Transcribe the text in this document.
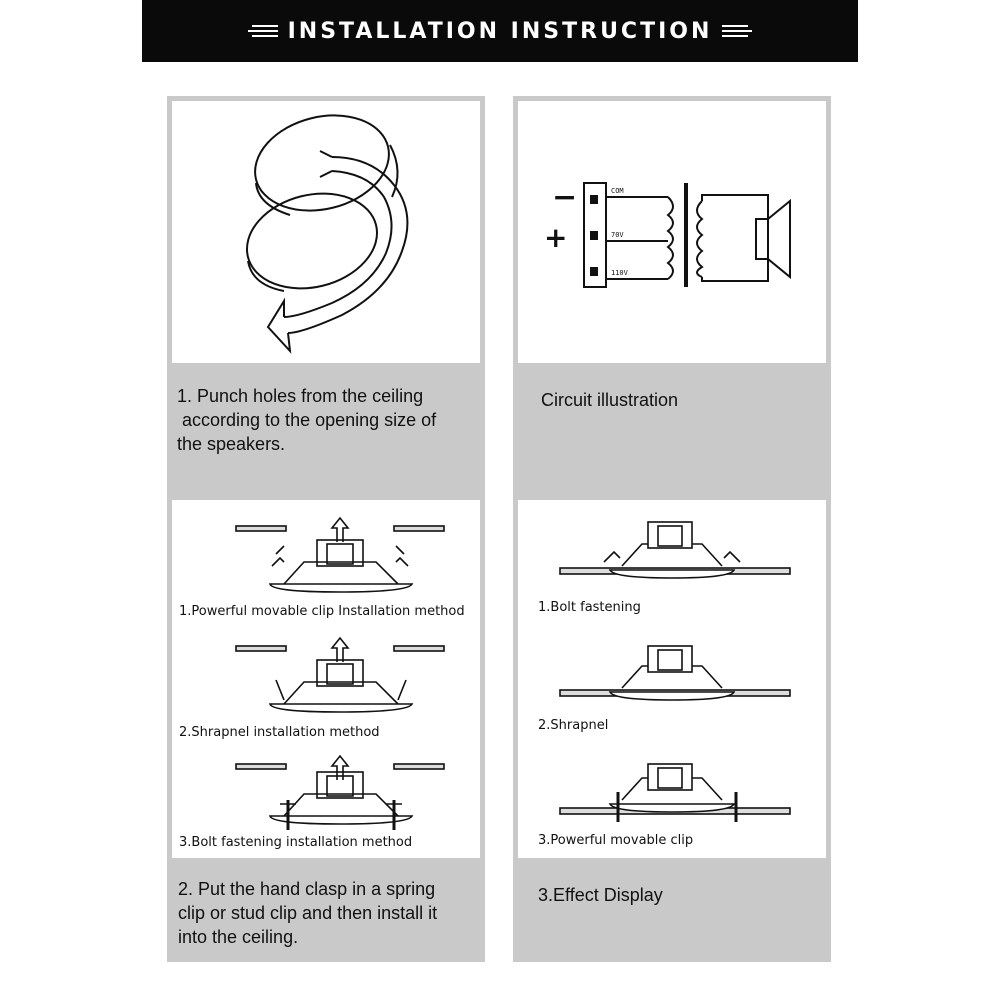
INSTALLATION INSTRUCTION
1. Punch holes from the ceiling
according to the opening size of
the speakers.
−
+
COM
70V
110V
Circuit illustration
1.Powerful movable clip Installation method
2.Shrapnel installation method
3.Bolt fastening installation method
2. Put the hand clasp in a spring
clip or stud clip and then install it
into the ceiling.
1.Bolt fastening
2.Shrapnel
3.Powerful movable clip
3.Effect Display
